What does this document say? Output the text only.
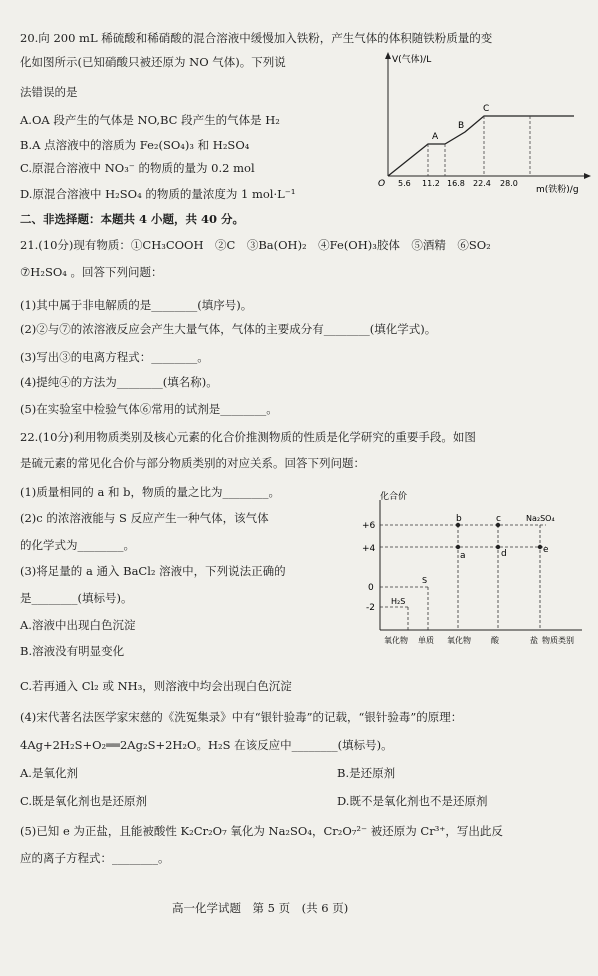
20.向 200 mL 稀硫酸和稀硝酸的混合溶液中缓慢加入铁粉，产生气体的体积随铁粉质量的变
化如图所示(已知硝酸只被还原为 NO 气体)。下列说
法错误的是
A.OA 段产生的气体是 NO,BC 段产生的气体是 H₂
B.A 点溶液中的溶质为 Fe₂(SO₄)₃ 和 H₂SO₄
C.原混合溶液中 NO₃⁻ 的物质的量为 0.2 mol
D.原混合溶液中 H₂SO₄ 的物质的量浓度为 1 mol·L⁻¹
V(气体)/L
m(铁粉)/g
O
A
B
C
5.6 11.2 16.8 22.4 28.0
二、非选择题：本题共 4 小题，共 40 分。
21.(10分)现有物质：①CH₃COOH　②C　③Ba(OH)₂　④Fe(OH)₃胶体　⑤酒精　⑥SO₂
⑦H₂SO₄ 。回答下列问题：
(1)其中属于非电解质的是________(填序号)。
(2)②与⑦的浓溶液反应会产生大量气体，气体的主要成分有________(填化学式)。
(3)写出③的电离方程式：________。
(4)提纯④的方法为________(填名称)。
(5)在实验室中检验气体⑥常用的试剂是________。
22.(10分)利用物质类别及核心元素的化合价推测物质的性质是化学研究的重要手段。如图
是硫元素的常见化合价与部分物质类别的对应关系。回答下列问题：
(1)质量相同的 a 和 b，物质的量之比为________。
(2)c 的浓溶液能与 S 反应产生一种气体，该气体
的化学式为________。
(3)将足量的 a 通入 BaCl₂ 溶液中，下列说法正确的
是________(填标号)。
A.溶液中出现白色沉淀
B.溶液没有明显变化
C.若再通入 Cl₂ 或 NH₃，则溶液中均会出现白色沉淀
(4)宋代著名法医学家宋慈的《洗冤集录》中有“银针验毒”的记载，“银针验毒”的原理：
4Ag+2H₂S+O₂══2Ag₂S+2H₂O。H₂S 在该反应中________(填标号)。
A.是氧化剂	B.是还原剂
C.既是氧化剂也是还原剂	D.既不是氧化剂也不是还原剂
(5)已知 e 为正盐，且能被酸性 K₂Cr₂O₇ 氧化为 Na₂SO₄，Cr₂O₇²⁻ 被还原为 Cr³⁺，写出此反
应的离子方程式：________。
化合价
+6
+4
0
-2
b	c	Na₂SO₄
a	d	e
S
H₂S
氧化物 单质 氧化物	酸	盐 物质类别
高一化学试题　第 5 页　(共 6 页)
